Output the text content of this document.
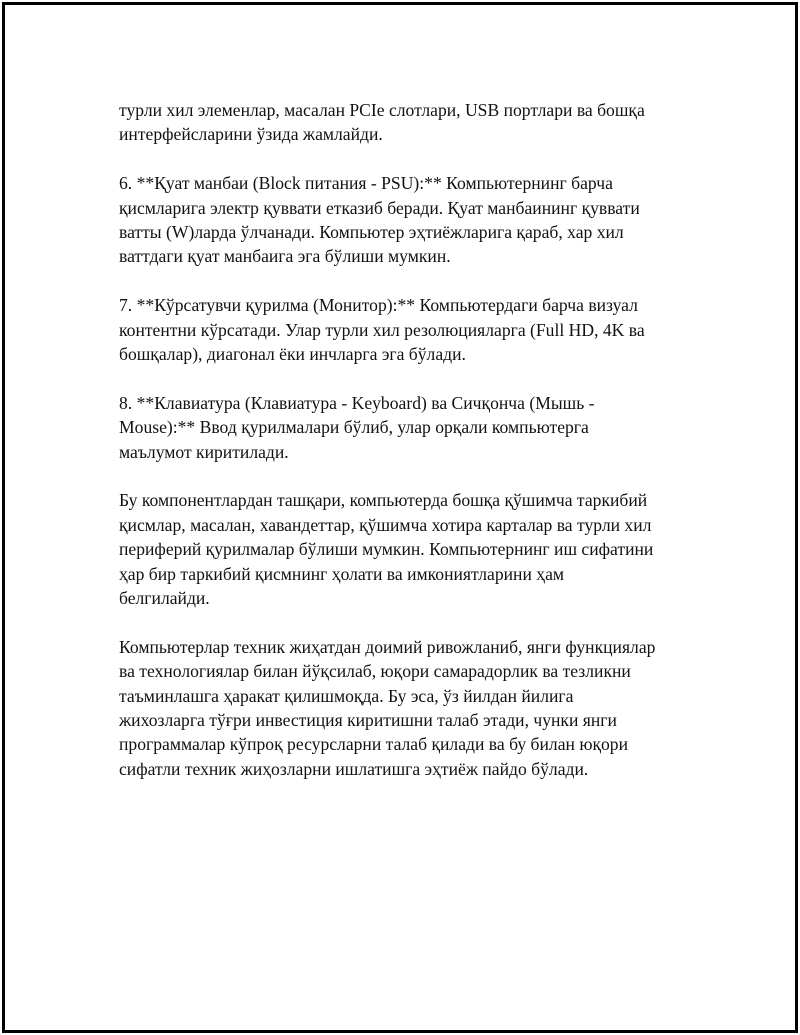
турли хил элеменлар, масалан PCIe слотлари, USB портлари ва бошқа
интерфейсларини ўзида жамлайди.

6. **Қуат манбаи (Block питания - PSU):** Компьютернинг барча
қисмларига электр қуввати етказиб беради. Қуат манбаининг қуввати
ватты (W)ларда ўлчанади. Компьютер эҳтиёжларига қараб, хар хил
ваттдаги қуат манбаига эга бўлиши мумкин.

7. **Кўрсатувчи қурилма (Монитор):** Компьютердаги барча визуал
контентни кўрсатади. Улар турли хил резолюцияларга (Full HD, 4K ва
бошқалар), диагонал ёки инчларга эга бўлади.

8. **Клавиатура (Клавиатура - Keyboard) ва Сичқонча (Мышь -
Mouse):** Ввод қурилмалари бўлиб, улар орқали компьютерга
маълумот киритилади.

Бу компонентлардан ташқари, компьютерда бошқа қўшимча таркибий
қисмлар, масалан, хавандеттар, қўшимча хотира карталар ва турли хил
периферий қурилмалар бўлиши мумкин. Компьютернинг иш сифатини
ҳар бир таркибий қисмнинг ҳолати ва имкониятларини ҳам
белгилайди.

Компьютерлар техник жиҳатдан доимий ривожланиб, янги функциялар
ва технологиялар билан йўқсилаб, юқори самарадорлик ва тезликни
таъминлашга ҳаракат қилишмоқда. Бу эса, ўз йилдан йилига
жихозларга тўғри инвестиция киритишни талаб этади, чунки янги
программалар кўпроқ ресурсларни талаб қилади ва бу билан юқори
сифатли техник жиҳозларни ишлатишга эҳтиёж пайдо бўлади.
